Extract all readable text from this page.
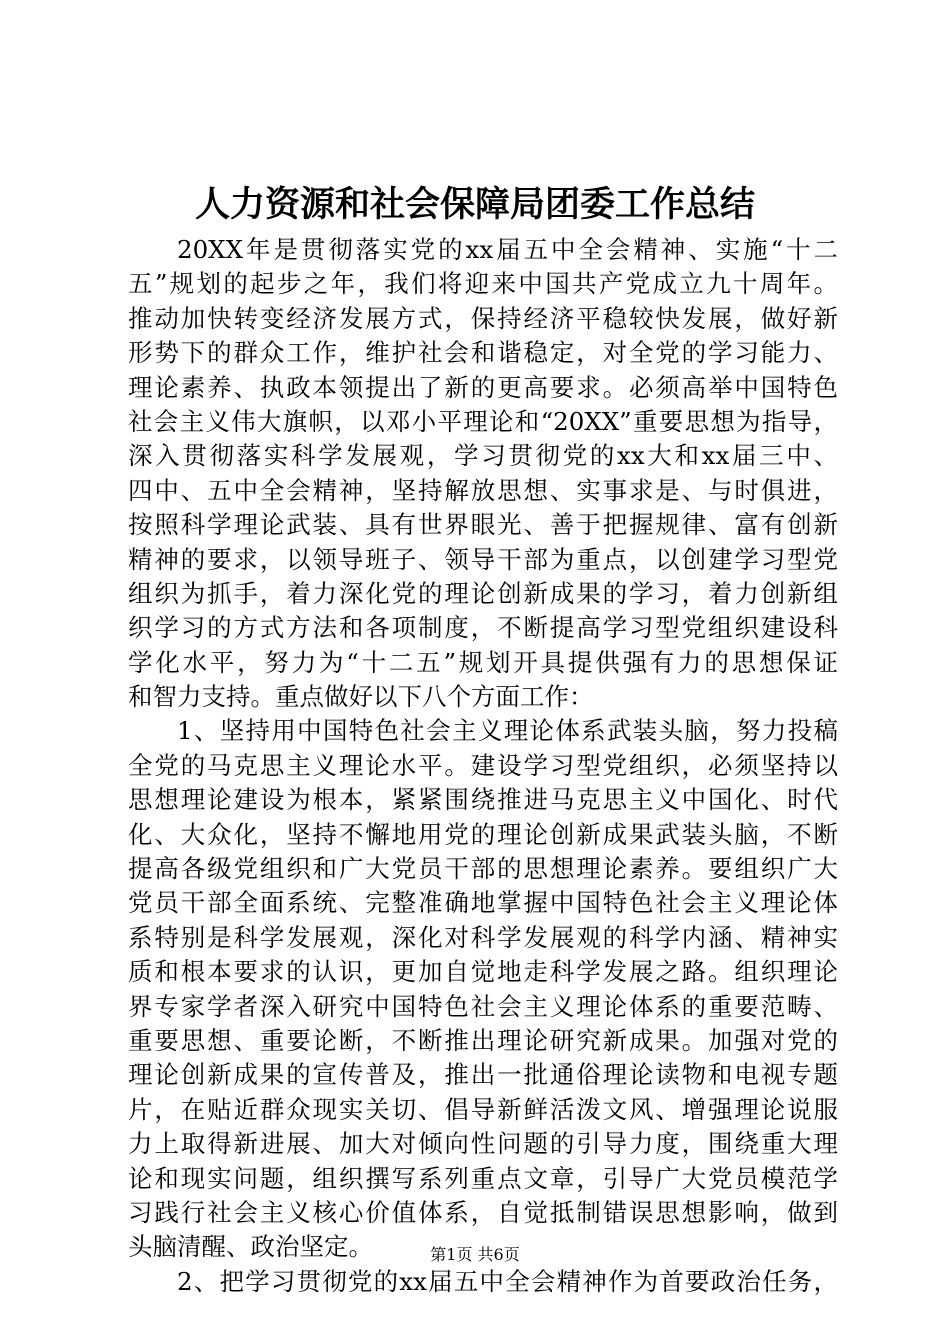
人力资源和社会保障局团委工作总结
20XX年是贯彻落实党的xx届五中全会精神、实施“十二
五”规划的起步之年，我们将迎来中国共产党成立九十周年。
推动加快转变经济发展方式，保持经济平稳较快发展，做好新
形势下的群众工作，维护社会和谐稳定，对全党的学习能力、
理论素养、执政本领提出了新的更高要求。必须高举中国特色
社会主义伟大旗帜，以邓小平理论和“20XX”重要思想为指导，
深入贯彻落实科学发展观，学习贯彻党的xx大和xx届三中、
四中、五中全会精神，坚持解放思想、实事求是、与时俱进，
按照科学理论武装、具有世界眼光、善于把握规律、富有创新
精神的要求，以领导班子、领导干部为重点，以创建学习型党
组织为抓手，着力深化党的理论创新成果的学习，着力创新组
织学习的方式方法和各项制度，不断提高学习型党组织建设科
学化水平，努力为“十二五”规划开具提供强有力的思想保证
和智力支持。重点做好以下八个方面工作：
1、坚持用中国特色社会主义理论体系武装头脑，努力投稿
全党的马克思主义理论水平。建设学习型党组织，必须坚持以
思想理论建设为根本，紧紧围绕推进马克思主义中国化、时代
化、大众化，坚持不懈地用党的理论创新成果武装头脑，不断
提高各级党组织和广大党员干部的思想理论素养。要组织广大
党员干部全面系统、完整准确地掌握中国特色社会主义理论体
系特别是科学发展观，深化对科学发展观的科学内涵、精神实
质和根本要求的认识，更加自觉地走科学发展之路。组织理论
界专家学者深入研究中国特色社会主义理论体系的重要范畴、
重要思想、重要论断，不断推出理论研究新成果。加强对党的
理论创新成果的宣传普及，推出一批通俗理论读物和电视专题
片，在贴近群众现实关切、倡导新鲜活泼文风、增强理论说服
力上取得新进展、加大对倾向性问题的引导力度，围绕重大理
论和现实问题，组织撰写系列重点文章，引导广大党员模范学
习践行社会主义核心价值体系，自觉抵制错误思想影响，做到
头脑清醒、政治坚定。
2、把学习贯彻党的xx届五中全会精神作为首要政治任务，
第1页 共6页
